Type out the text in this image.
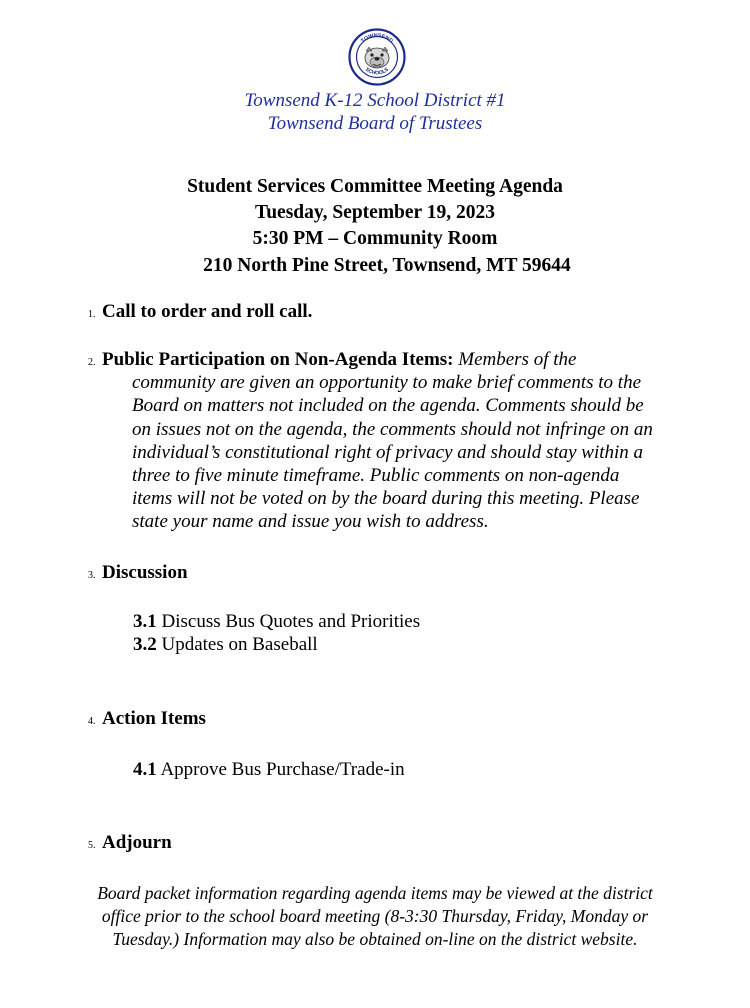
TOWNSEND
SCHOOLS
Townsend K-12 School District #1
Townsend Board of Trustees
Student Services Committee Meeting Agenda
Tuesday, September 19, 2023
5:30 PM – Community Room
210 North Pine Street, Townsend, MT 59644
1. Call to order and roll call.
2. Public Participation on Non-Agenda Items: Members of the
community are given an opportunity to make brief comments to the
Board on matters not included on the agenda. Comments should be
on issues not on the agenda, the comments should not infringe on an
individual’s constitutional right of privacy and should stay within a
three to five minute timeframe. Public comments on non-agenda
items will not be voted on by the board during this meeting. Please
state your name and issue you wish to address.
3. Discussion
3.1 Discuss Bus Quotes and Priorities
3.2 Updates on Baseball
4. Action Items
4.1 Approve Bus Purchase/Trade-in
5. Adjourn
Board packet information regarding agenda items may be viewed at the district
office prior to the school board meeting (8-3:30 Thursday, Friday, Monday or
Tuesday.) Information may also be obtained on-line on the district website.
